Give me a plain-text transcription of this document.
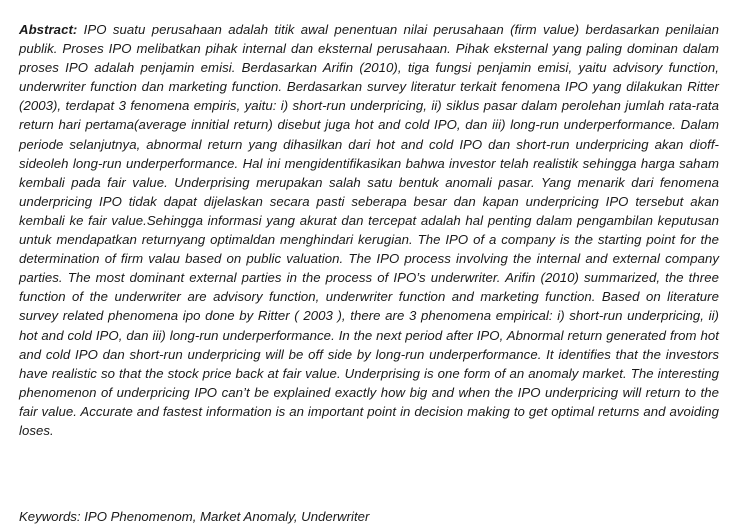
Abstract: IPO suatu perusahaan adalah titik awal penentuan nilai perusahaan (firm value) berdasarkan penilaian publik. Proses IPO melibatkan pihak internal dan eksternal perusahaan. Pihak eksternal yang paling dominan dalam proses IPO adalah penjamin emisi. Berdasarkan Arifin (2010), tiga fungsi penjamin emisi, yaitu advisory function, underwriter function dan marketing function. Berdasarkan survey literatur terkait fenomena IPO yang dilakukan Ritter (2003), terdapat 3 fenomena empiris, yaitu: i) short-run underpricing, ii) siklus pasar dalam perolehan jumlah rata-rata return hari pertama(average innitial return) disebut juga hot and cold IPO, dan iii) long-run underperformance. Dalam periode selanjutnya, abnormal return yang dihasilkan dari hot and cold IPO dan short-run underpricing akan dioff-sideoleh long-run underperformance. Hal ini mengidentifikasikan bahwa investor telah realistik sehingga harga saham kembali pada fair value. Underprising merupakan salah satu bentuk anomali pasar. Yang menarik dari fenomena underpricing IPO tidak dapat dijelaskan secara pasti seberapa besar dan kapan underpricing IPO tersebut akan kembali ke fair value.Sehingga informasi yang akurat dan tercepat adalah hal penting dalam pengambilan keputusan untuk mendapatkan returnyang optimaldan menghindari kerugian. The IPO of a company is the starting point for the determination of firm valau based on public valuation. The IPO process involving the internal and external company parties. The most dominant external parties in the process of IPO’s underwriter. Arifin (2010) summarized, the three function of the underwriter are advisory function, underwriter function and marketing function. Based on literature survey related phenomena ipo done by Ritter ( 2003 ), there are 3 phenomena empirical: i) short-run underpricing, ii) hot and cold IPO, dan iii) long-run underperformance. In the next period after IPO, Abnormal return generated from hot and cold IPO dan short-run underpricing will be off side by long-run underperformance. It identifies that the investors have realistic so that the stock price back at fair value. Underprising is one form of an anomaly market. The interesting phenomenon of underpricing IPO can’t be explained exactly how big and when the IPO underpricing will return to the fair value. Accurate and fastest information is an important point in decision making to get optimal returns and avoiding loses.

Keywords: IPO Phenomenom, Market Anomaly, Underwriter
